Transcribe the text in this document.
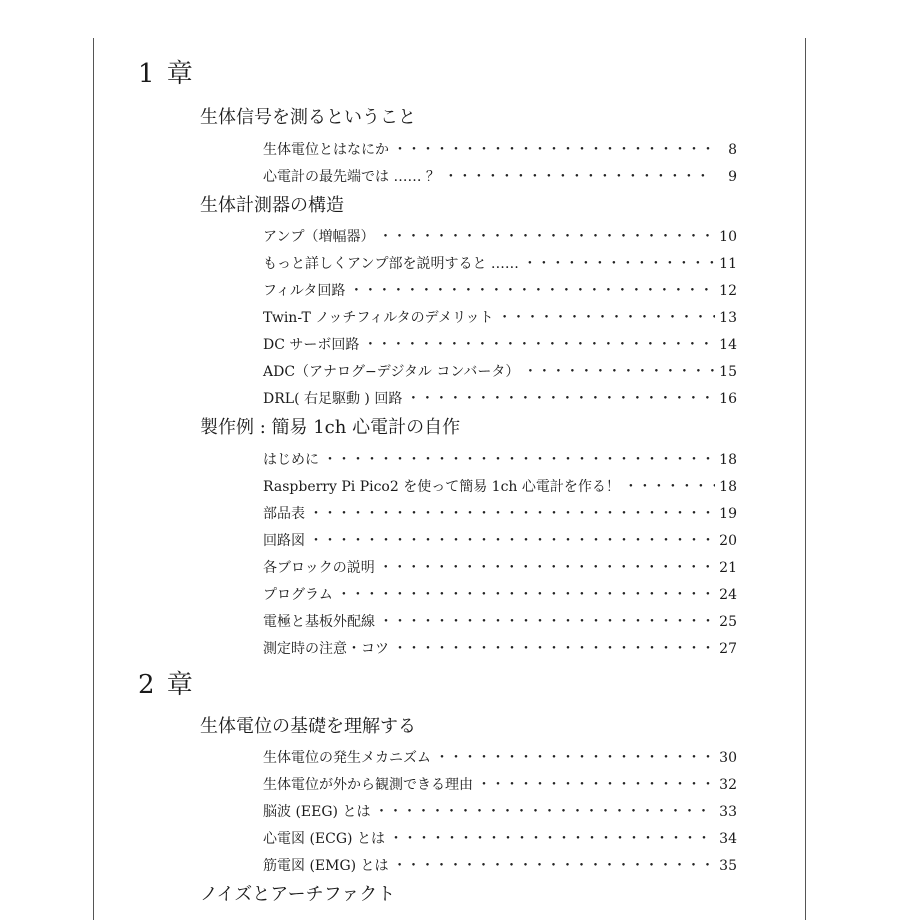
1 章
生体信号を測るということ
生体電位とはなにか ・・・・・・・・・・・・・・・・・・・・・・・・・・・・・・・・・・・・・・・・・・・・・・・・・・・・・・・・・・・・	8
心電計の最先端では …… ？ ・・・・・・・・・・・・・・・・・・・・・・・・・・・・・・・・・・・・・・・・・・・・・・・・・・・・・・・・・・・・	9
生体計測器の構造
アンプ（増幅器） ・・・・・・・・・・・・・・・・・・・・・・・・・・・・・・・・・・・・・・・・・・・・・・・・・・・・・・・・・・・・	10
もっと詳しくアンプ部を説明すると …… ・・・・・・・・・・・・・・・・・・・・・・・・・・・・・・・・・・・・・・・・・・・・・・・・・・・・・・・・・・・・	11
フィルタ回路 ・・・・・・・・・・・・・・・・・・・・・・・・・・・・・・・・・・・・・・・・・・・・・・・・・・・・・・・・・・・・	12
Twin-T ノッチフィルタのデメリット ・・・・・・・・・・・・・・・・・・・・・・・・・・・・・・・・・・・・・・・・・・・・・・・・・・・・・・・・・・・・	13
DC サーボ回路 ・・・・・・・・・・・・・・・・・・・・・・・・・・・・・・・・・・・・・・・・・・・・・・・・・・・・・・・・・・・・	14
ADC（アナログ−デジタル コンバータ） ・・・・・・・・・・・・・・・・・・・・・・・・・・・・・・・・・・・・・・・・・・・・・・・・・・・・・・・・・・・・	15
DRL( 右足駆動 ) 回路 ・・・・・・・・・・・・・・・・・・・・・・・・・・・・・・・・・・・・・・・・・・・・・・・・・・・・・・・・・・・・	16
製作例 : 簡易 1ch 心電計の自作
はじめに ・・・・・・・・・・・・・・・・・・・・・・・・・・・・・・・・・・・・・・・・・・・・・・・・・・・・・・・・・・・・	18
Raspberry Pi Pico2 を使って簡易 1ch 心電計を作る！ ・・・・・・・・・・・・・・・・・・・・・・・・・・・・・・・・・・・・・・・・・・・・・・・・・・・・・・・・・・・・	18
部品表 ・・・・・・・・・・・・・・・・・・・・・・・・・・・・・・・・・・・・・・・・・・・・・・・・・・・・・・・・・・・・	19
回路図 ・・・・・・・・・・・・・・・・・・・・・・・・・・・・・・・・・・・・・・・・・・・・・・・・・・・・・・・・・・・・	20
各ブロックの説明 ・・・・・・・・・・・・・・・・・・・・・・・・・・・・・・・・・・・・・・・・・・・・・・・・・・・・・・・・・・・・	21
プログラム ・・・・・・・・・・・・・・・・・・・・・・・・・・・・・・・・・・・・・・・・・・・・・・・・・・・・・・・・・・・・	24
電極と基板外配線 ・・・・・・・・・・・・・・・・・・・・・・・・・・・・・・・・・・・・・・・・・・・・・・・・・・・・・・・・・・・・	25
測定時の注意・コツ ・・・・・・・・・・・・・・・・・・・・・・・・・・・・・・・・・・・・・・・・・・・・・・・・・・・・・・・・・・・・	27
2 章
生体電位の基礎を理解する
生体電位の発生メカニズム ・・・・・・・・・・・・・・・・・・・・・・・・・・・・・・・・・・・・・・・・・・・・・・・・・・・・・・・・・・・・	30
生体電位が外から観測できる理由 ・・・・・・・・・・・・・・・・・・・・・・・・・・・・・・・・・・・・・・・・・・・・・・・・・・・・・・・・・・・・	32
脳波 (EEG) とは ・・・・・・・・・・・・・・・・・・・・・・・・・・・・・・・・・・・・・・・・・・・・・・・・・・・・・・・・・・・・	33
心電図 (ECG) とは ・・・・・・・・・・・・・・・・・・・・・・・・・・・・・・・・・・・・・・・・・・・・・・・・・・・・・・・・・・・・	34
筋電図 (EMG) とは ・・・・・・・・・・・・・・・・・・・・・・・・・・・・・・・・・・・・・・・・・・・・・・・・・・・・・・・・・・・・	35
ノイズとアーチファクト
